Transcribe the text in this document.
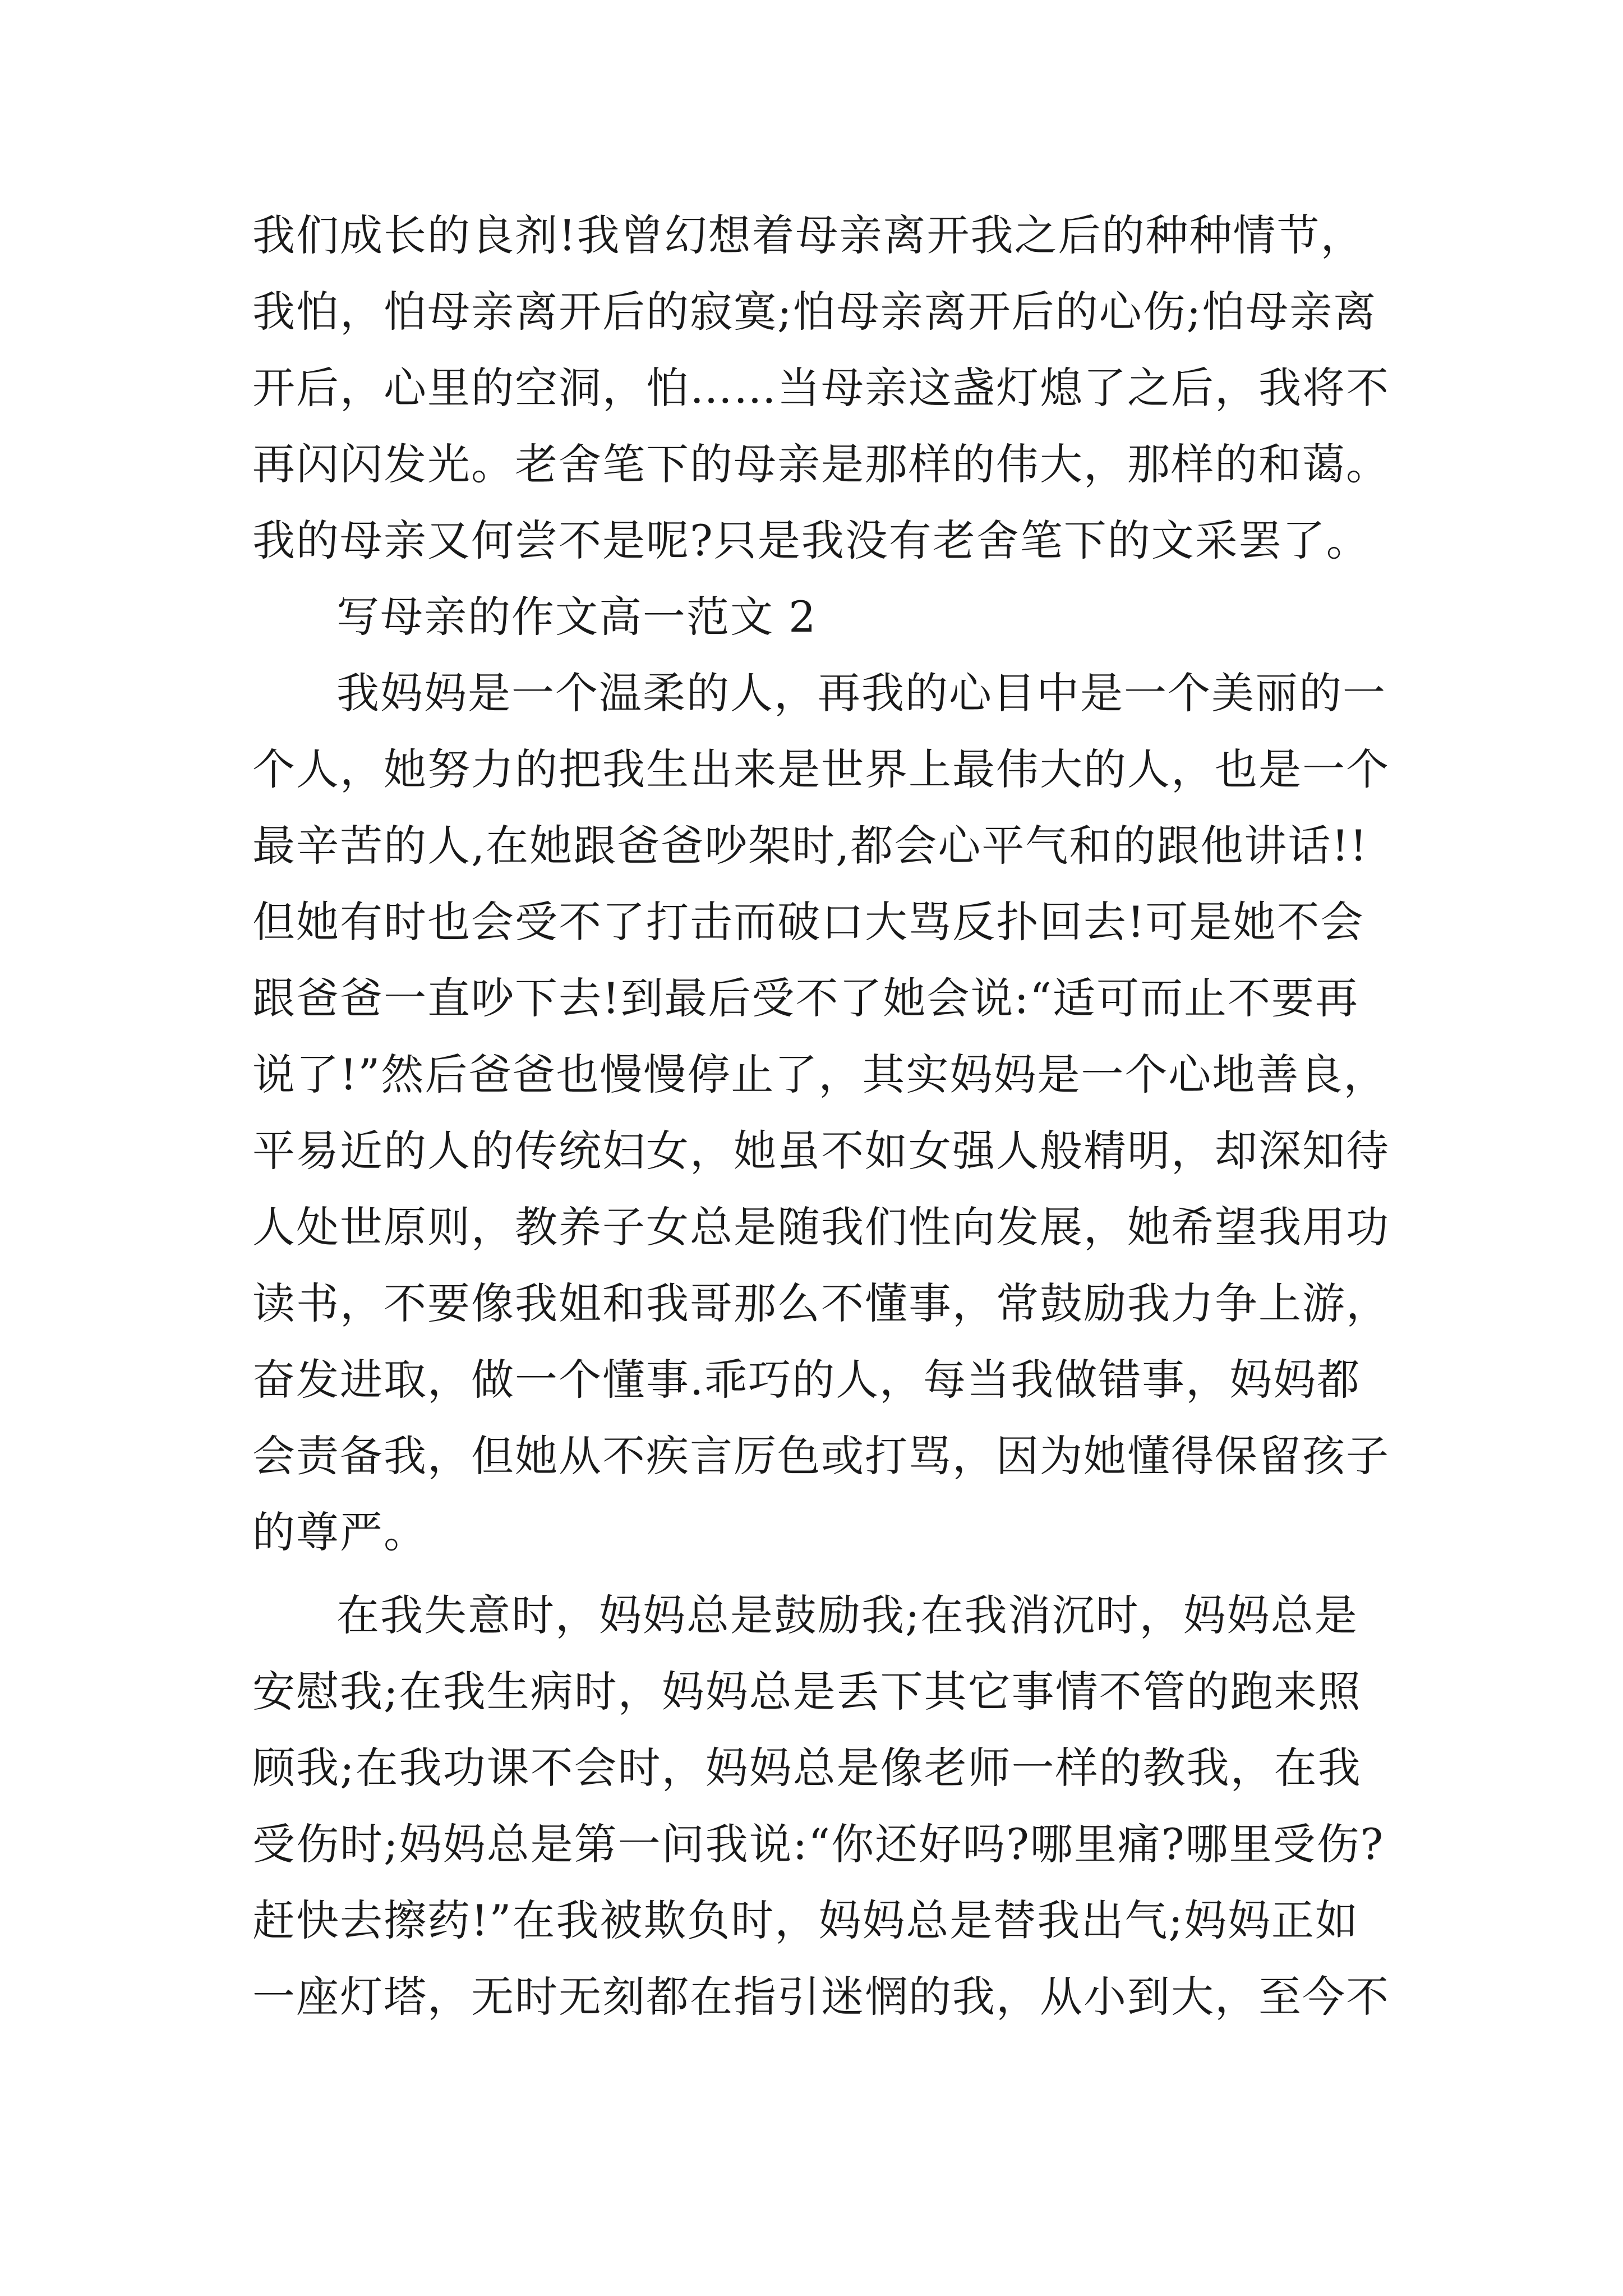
我们成长的良剂!我曾幻想着母亲离开我之后的种种情节，
我怕，怕母亲离开后的寂寞;怕母亲离开后的心伤;怕母亲离
开后，心里的空洞，怕……当母亲这盏灯熄了之后，我将不
再闪闪发光。老舍笔下的母亲是那样的伟大，那样的和蔼。
我的母亲又何尝不是呢?只是我没有老舍笔下的文采罢了。
写母亲的作文高一范文 2
我妈妈是一个温柔的人，再我的心目中是一个美丽的一
个人，她努力的把我生出来是世界上最伟大的人，也是一个
最辛苦的人,在她跟爸爸吵架时,都会心平气和的跟他讲话!!
但她有时也会受不了打击而破口大骂反扑回去!可是她不会
跟爸爸一直吵下去!到最后受不了她会说:“适可而止不要再
说了!”然后爸爸也慢慢停止了，其实妈妈是一个心地善良，
平易近的人的传统妇女，她虽不如女强人般精明，却深知待
人处世原则，教养子女总是随我们性向发展，她希望我用功
读书，不要像我姐和我哥那么不懂事，常鼓励我力争上游，
奋发进取，做一个懂事.乖巧的人，每当我做错事，妈妈都
会责备我，但她从不疾言厉色或打骂，因为她懂得保留孩子
的尊严。
在我失意时，妈妈总是鼓励我;在我消沉时，妈妈总是
安慰我;在我生病时，妈妈总是丢下其它事情不管的跑来照
顾我;在我功课不会时，妈妈总是像老师一样的教我，在我
受伤时;妈妈总是第一问我说:“你还好吗?哪里痛?哪里受伤?
赶快去擦药!”在我被欺负时，妈妈总是替我出气;妈妈正如
一座灯塔，无时无刻都在指引迷惘的我，从小到大，至今不
